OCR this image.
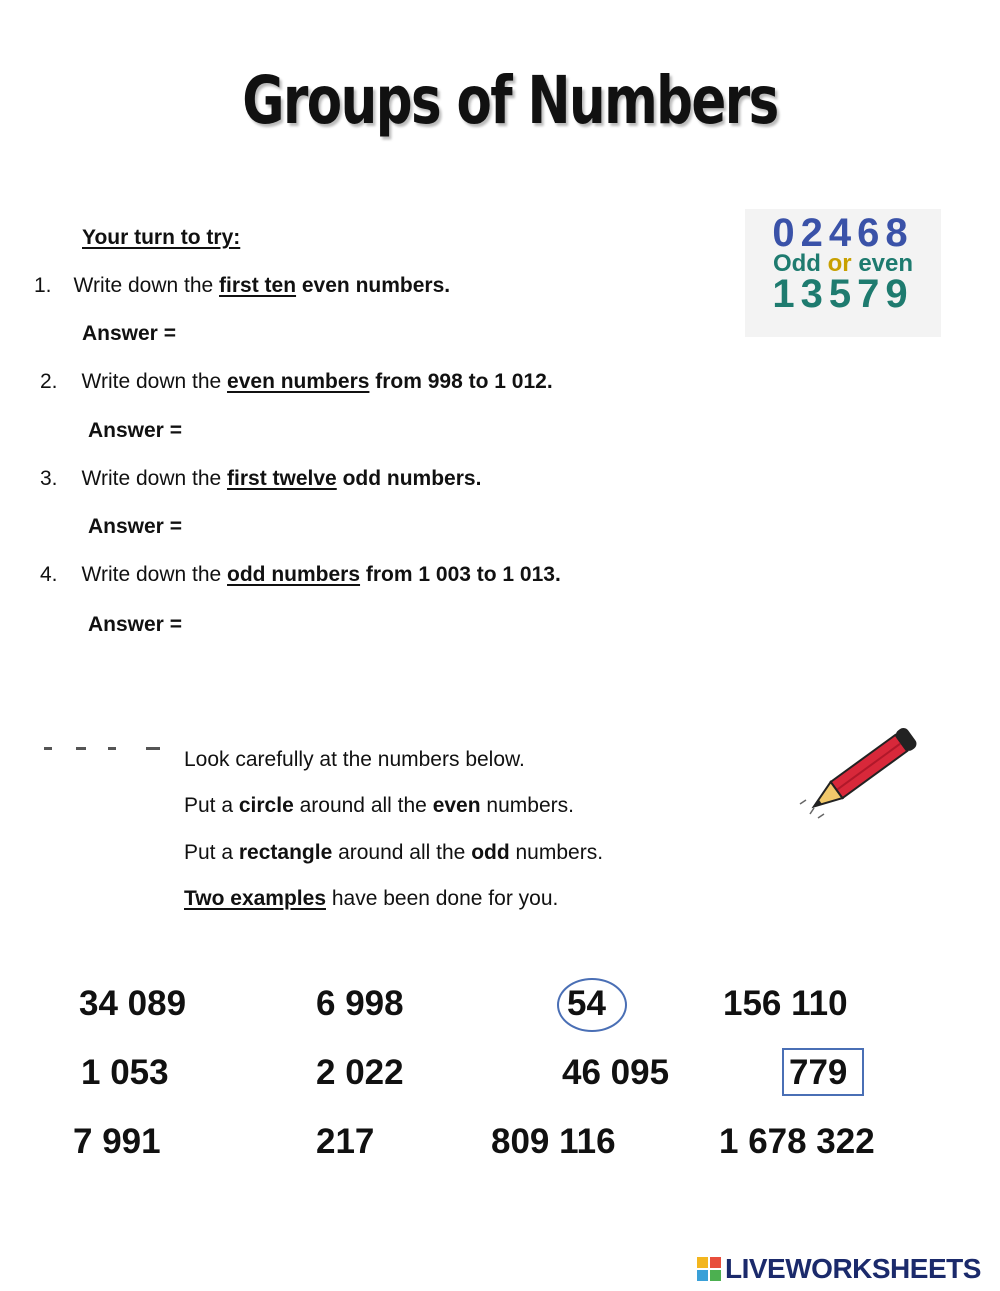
Groups of Numbers
Your turn to try:
1. Write down the first ten even numbers.
Answer =
2. Write down the even numbers from 998 to 1 012.
Answer =
3. Write down the first twelve odd numbers.
Answer =
4. Write down the odd numbers from 1 003 to 1 013.
Answer =
02468
Odd or even
13579
Look carefully at the numbers below.
Put a circle around all the even numbers.
Put a rectangle around all the odd numbers.
Two examples have been done for you.
34 089	6 998	54	156 110
1 053	2 022	46 095	779
7 991	217	809 116	1 678 322
LIVEWORKSHEETS
